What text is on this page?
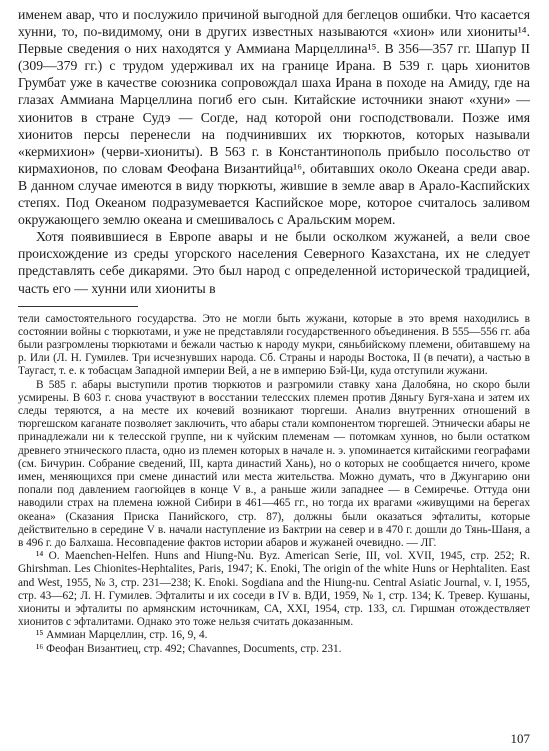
именем авар, что и послужило причиной выгодной для беглецов ошибки. Что касается хунни, то, по-видимому, они в других известных называются «хион» или хиониты¹⁴. Первые сведения о них находятся у Аммиана Марцеллина¹⁵. В 356—357 гг. Шапур II (309—379 гг.) с трудом удерживал их на границе Ирана. В 539 г. царь хионитов Грумбат уже в качестве союзника сопровождал шаха Ирана в походе на Амиду, где на глазах Аммиана Марцеллина погиб его сын. Китайские источники знают «хуни» — хионитов в стране Судэ — Согде, над которой они господствовали. Позже имя хионитов персы перенесли на подчинивших их тюркютов, которых называли «кермихион» (черви-хиониты). В 563 г. в Константинополь прибыло посольство от кирмахионов, по словам Феофана Византийца¹⁶, обитавших около Океана среди авар. В данном случае имеются в виду тюркюты, жившие в земле авар в Арало-Каспийских степях. Под Океаном подразумевается Каспийское море, которое считалось заливом окружающего землю океана и смешивалось с Аральским морем.

Хотя появившиеся в Европе авары и не были осколком жужаней, а вели свое происхождение из среды угорского населения Северного Казахстана, их не следует представлять себе дикарями. Это был народ с определенной исторической традицией, часть его — хунни или хиониты в

тели самостоятельного государства. Это не могли быть жужани, которые в это время находились в состоянии войны с тюркютами, и уже не представляли государственного объединения. В 555—556 гг. аба были разгромлены тюркютами и бежали частью к народу мукри, сяньбийскому племени, обитавшему на р. Или (Л. Н. Гумилев. Три исчезнувших народа. Сб. Страны и народы Востока, II (в печати), а частью в Таугаст, т. е. к тобасцам Западной империи Вей, а не в империю Бэй-Ци, куда отступили жужани.

В 585 г. абары выступили против тюркютов и разгромили ставку хана Далобяна, но скоро были усмирены. В 603 г. снова участвуют в восстании телесских племен против Дяньгу Бугя-хана и затем их следы теряются, а на месте их кочевий возникают тюргеши. Анализ внутренних отношений в тюргешском каганате позволяет заключить, что абары стали компонентом тюргешей. Этнически абары не принадлежали ни к телесской группе, ни к чуйским племенам — потомкам хуннов, но были остатком древнего этнического пласта, одно из племен которых в начале н. э. упоминается китайскими географами (см. Бичурин. Собрание сведений, III, карта династий Хань), но о которых не сообщается ничего, кроме имен, меняющихся при смене династий или места жительства. Можно думать, что в Джунгарию они попали под давлением гаогюйцев в конце V в., а раньше жили западнее — в Семиречье. Оттуда они наводили страх на племена южной Сибири в 461—465 гг., но тогда их врагами «живущими на берегах океана» (Сказания Приска Панийского, стр. 87), должны были оказаться эфталиты, которые действительно в середине V в. начали наступление из Бактрии на север и в 470 г. дошли до Тянь-Шаня, а в 496 г. до Балхаша. Несовпадение фактов истории абаров и жужаней очевидно. — ЛГ.

¹⁴ O. Maenchen-Helfen. Huns and Hiung-Nu. Byz. American Serie, III, vol. XVII, 1945, стр. 252; R. Ghirshman. Les Chionites-Hephtalites, Paris, 1947; K. Enoki, The origin of the white Huns or Hephtaliten. East and West, 1955, № 3, стр. 231—238; K. Enoki. Sogdiana and the Hiung-nu. Central Asiatic Journal, v. I, 1955, стр. 43—62; Л. Н. Гумилев. Эфталиты и их соседи в IV в. ВДИ, 1959, № 1, стр. 134; К. Тревер. Кушаны, хиониты и эфталиты по армянским источникам, СА, XXI, 1954, стр. 133, сл. Гиршман отождествляет хионитов с эфталитами. Однако это тоже нельзя считать доказанным.

¹⁵ Аммиан Марцеллин, стр. 16, 9, 4.

¹⁶ Феофан Византиец, стр. 492; Chavannes, Documents, стр. 231.

107
